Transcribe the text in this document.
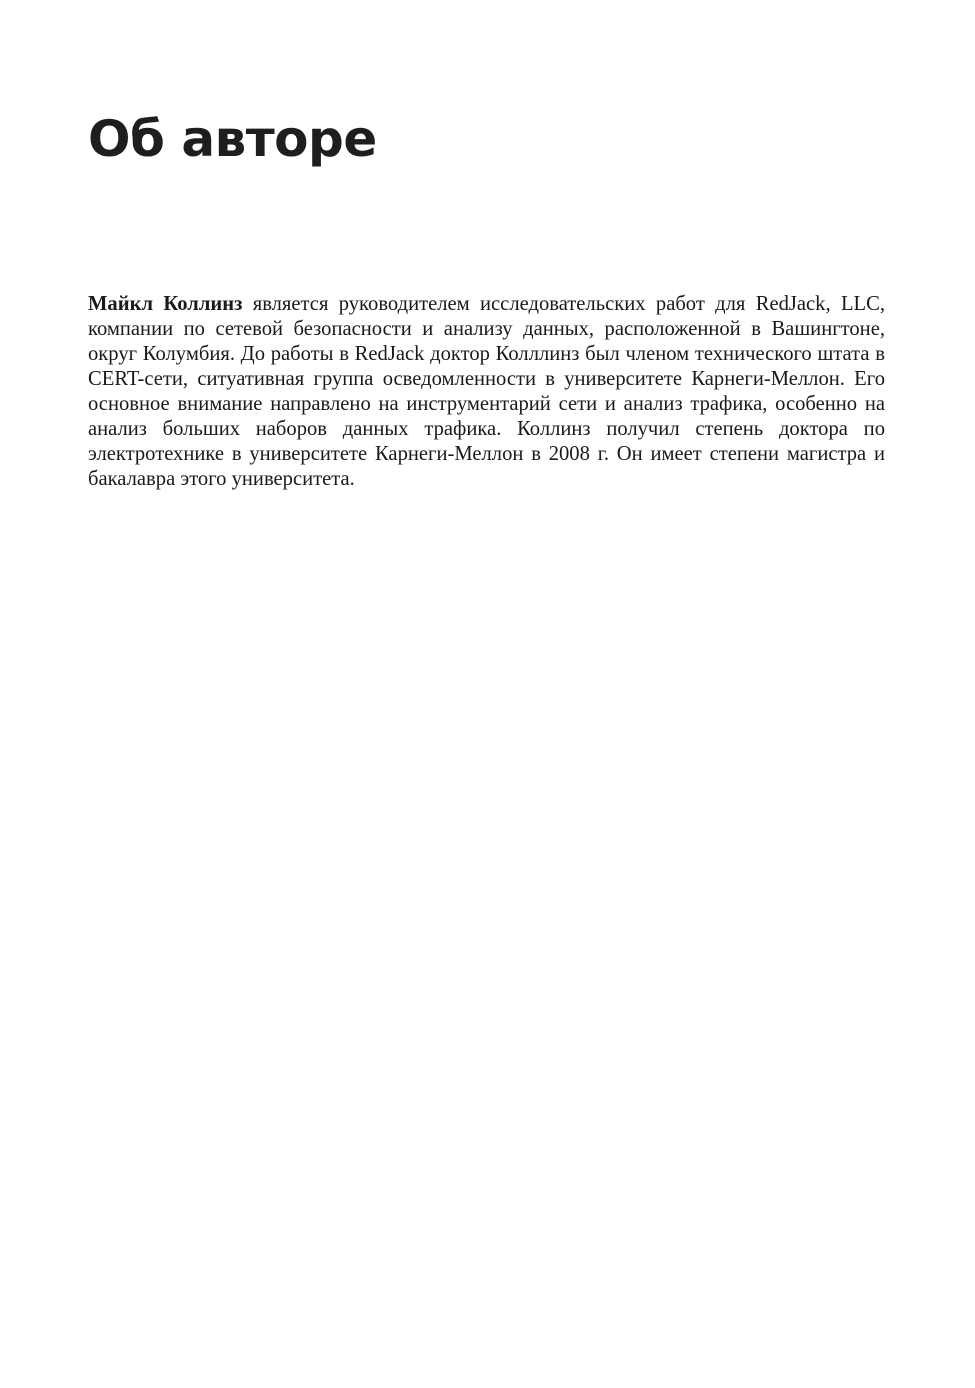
Об авторе

Майкл Коллинз является руководителем исследовательских работ для RedJack, LLC, компании по сетевой безопасности и анализу данных, расположенной в Вашингтоне, округ Колумбия. До работы в RedJack доктор Колллинз был членом технического штата в CERT-сети, ситуативная группа осведомленности в университете Карнеги-Меллон. Его основное внимание направлено на инструментарий сети и анализ трафика, особенно на анализ больших наборов данных трафика. Коллинз получил степень доктора по электротехнике в университете Карнеги-Меллон в 2008 г. Он имеет степени магистра и бакалавра этого университета.
